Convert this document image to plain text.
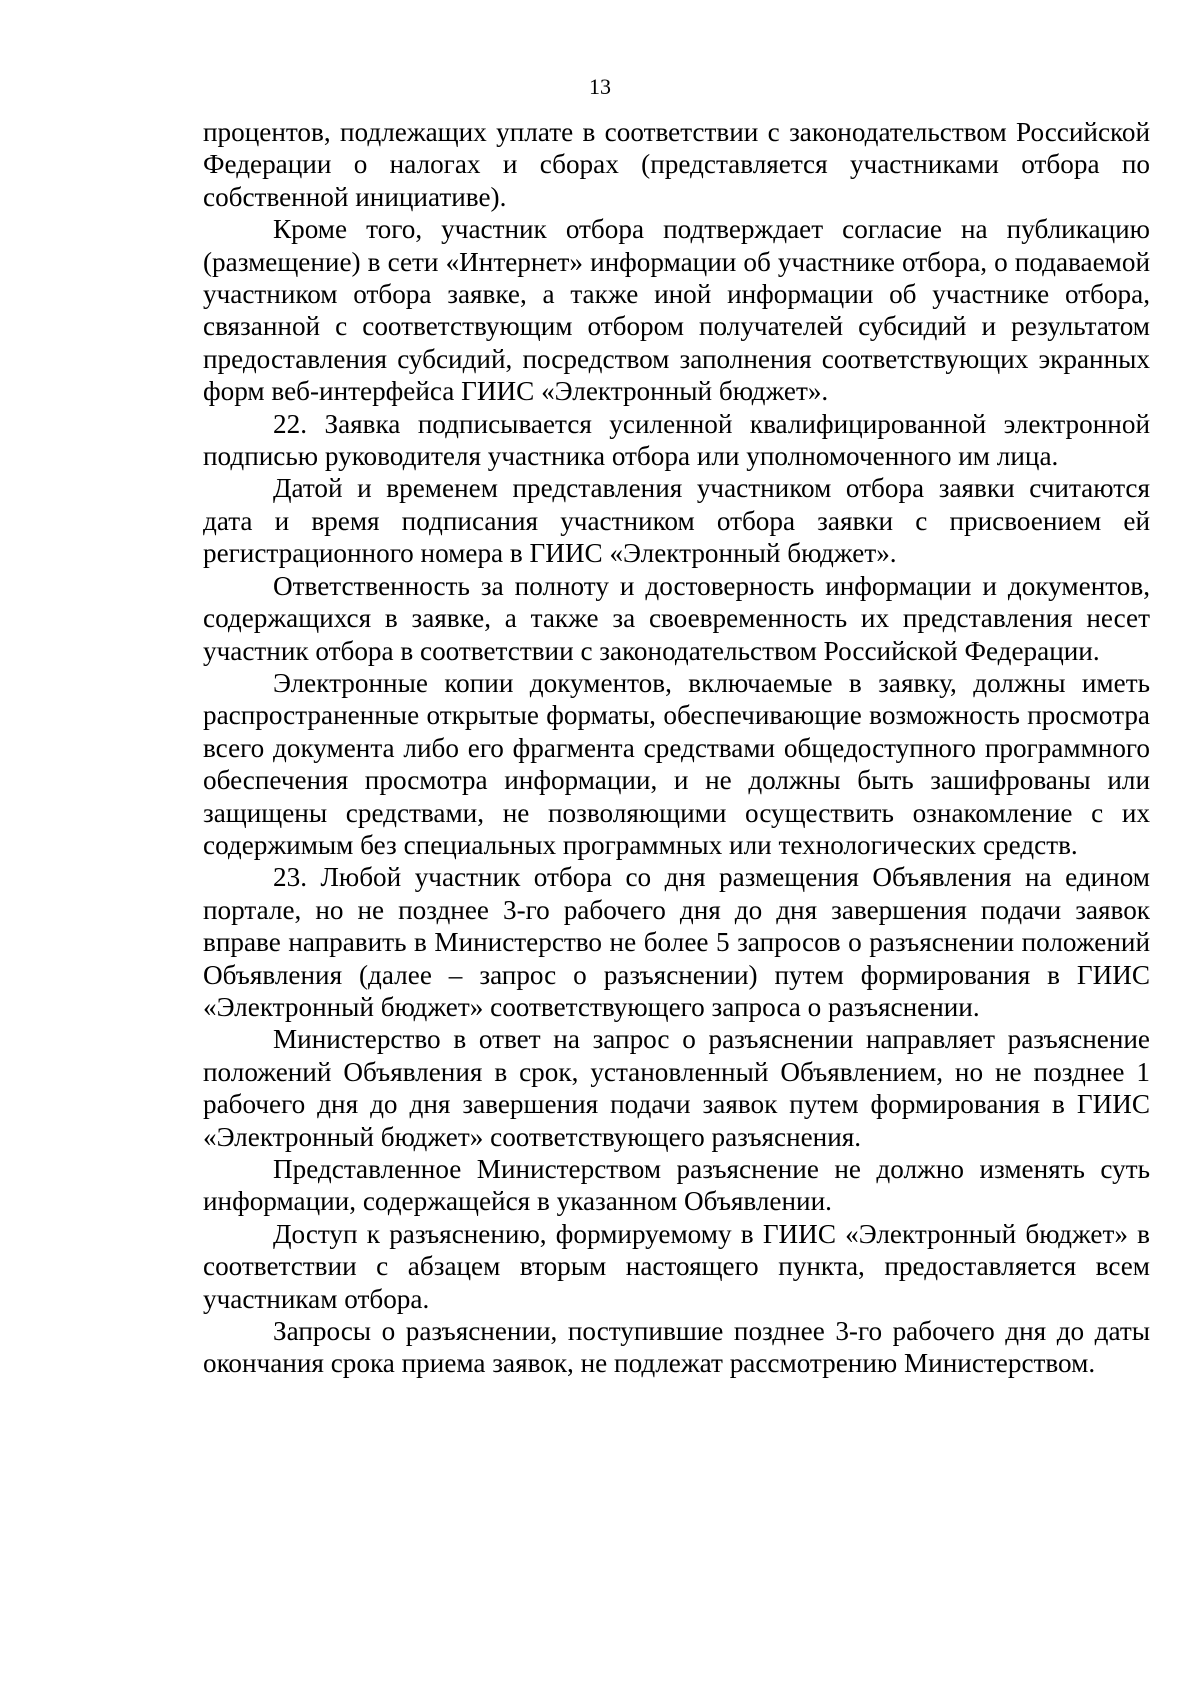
13

процентов, подлежащих уплате в соответствии с законодательством Российской Федерации о налогах и сборах (представляется участниками отбора по собственной инициативе).

Кроме того, участник отбора подтверждает согласие на публикацию (размещение) в сети «Интернет» информации об участнике отбора, о подаваемой участником отбора заявке, а также иной информации об участнике отбора, связанной с соответствующим отбором получателей субсидий и результатом предоставления субсидий, посредством заполнения соответствующих экранных форм веб-интерфейса ГИИС «Электронный бюджет».

22. Заявка подписывается усиленной квалифицированной электронной подписью руководителя участника отбора или уполномоченного им лица.

Датой и временем представления участником отбора заявки считаются дата и время подписания участником отбора заявки с присвоением ей регистрационного номера в ГИИС «Электронный бюджет».

Ответственность за полноту и достоверность информации и документов, содержащихся в заявке, а также за своевременность их представления несет участник отбора в соответствии с законодательством Российской Федерации.

Электронные копии документов, включаемые в заявку, должны иметь распространенные открытые форматы, обеспечивающие возможность просмотра всего документа либо его фрагмента средствами общедоступного программного обеспечения просмотра информации, и не должны быть зашифрованы или защищены средствами, не позволяющими осуществить ознакомление с их содержимым без специальных программных или технологических средств.

23. Любой участник отбора со дня размещения Объявления на едином портале, но не позднее 3-го рабочего дня до дня завершения подачи заявок вправе направить в Министерство не более 5 запросов о разъяснении положений Объявления (далее – запрос о разъяснении) путем формирования в ГИИС «Электронный бюджет» соответствующего запроса о разъяснении.

Министерство в ответ на запрос о разъяснении направляет разъяснение положений Объявления в срок, установленный Объявлением, но не позднее 1 рабочего дня до дня завершения подачи заявок путем формирования в ГИИС «Электронный бюджет» соответствующего разъяснения.

Представленное Министерством разъяснение не должно изменять суть информации, содержащейся в указанном Объявлении.

Доступ к разъяснению, формируемому в ГИИС «Электронный бюджет» в соответствии с абзацем вторым настоящего пункта, предоставляется всем участникам отбора.

Запросы о разъяснении, поступившие позднее 3-го рабочего дня до даты окончания срока приема заявок, не подлежат рассмотрению Министерством.
